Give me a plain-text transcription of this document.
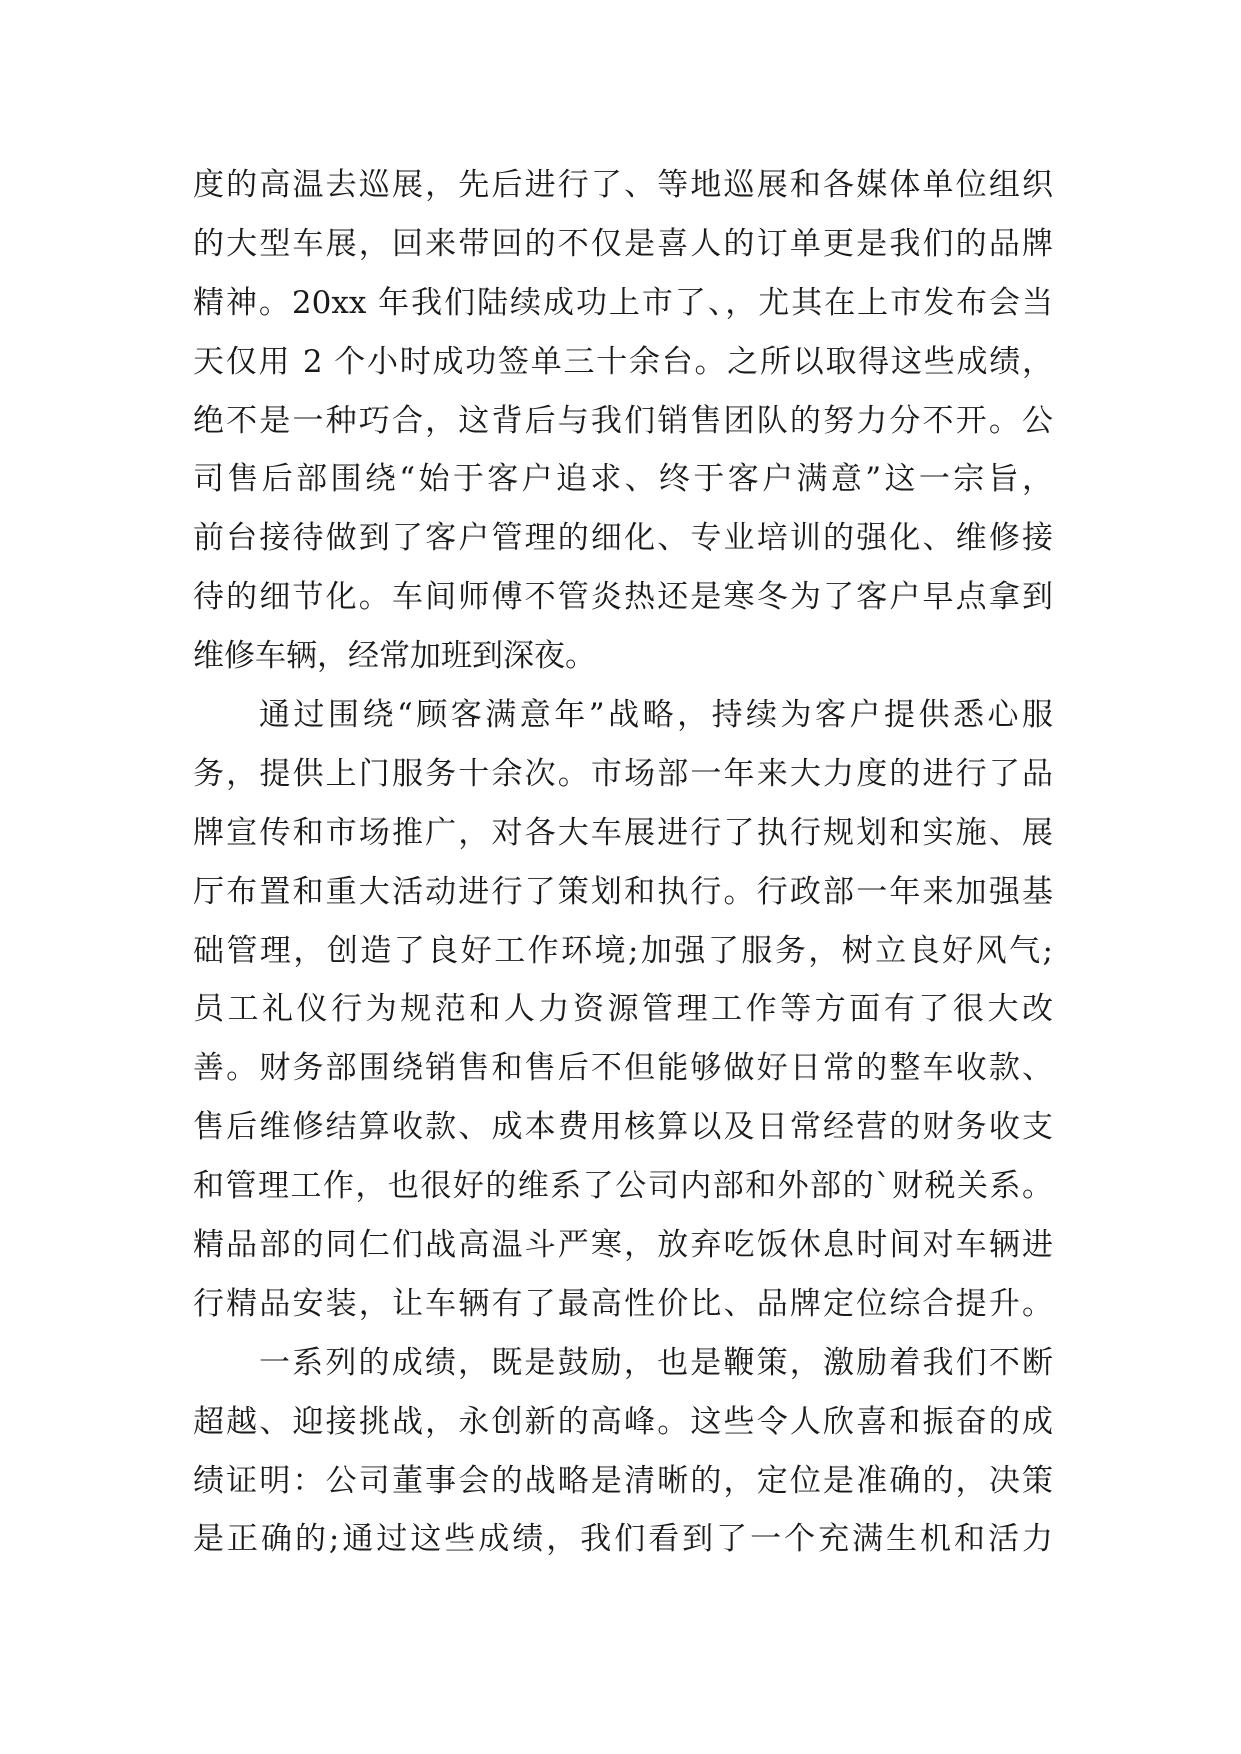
度的高温去巡展，先后进行了、等地巡展和各媒体单位组织
的大型车展，回来带回的不仅是喜人的订单更是我们的品牌
精神。20xx 年我们陆续成功上市了、，尤其在上市发布会当
天仅用 2 个小时成功签单三十余台。之所以取得这些成绩，
绝不是一种巧合，这背后与我们销售团队的努力分不开。公
司售后部围绕“始于客户追求、终于客户满意”这一宗旨，
前台接待做到了客户管理的细化、专业培训的强化、维修接
待的细节化。车间师傅不管炎热还是寒冬为了客户早点拿到
维修车辆，经常加班到深夜。
通过围绕“顾客满意年”战略，持续为客户提供悉心服
务，提供上门服务十余次。市场部一年来大力度的进行了品
牌宣传和市场推广，对各大车展进行了执行规划和实施、展
厅布置和重大活动进行了策划和执行。行政部一年来加强基
础管理，创造了良好工作环境;加强了服务，树立良好风气;
员工礼仪行为规范和人力资源管理工作等方面有了很大改
善。财务部围绕销售和售后不但能够做好日常的整车收款、
售后维修结算收款、成本费用核算以及日常经营的财务收支
和管理工作，也很好的维系了公司内部和外部的`财税关系。
精品部的同仁们战高温斗严寒，放弃吃饭休息时间对车辆进
行精品安装，让车辆有了最高性价比、品牌定位综合提升。
一系列的成绩，既是鼓励，也是鞭策，激励着我们不断
超越、迎接挑战，永创新的高峰。这些令人欣喜和振奋的成
绩证明：公司董事会的战略是清晰的，定位是准确的，决策
是正确的;通过这些成绩，我们看到了一个充满生机和活力
